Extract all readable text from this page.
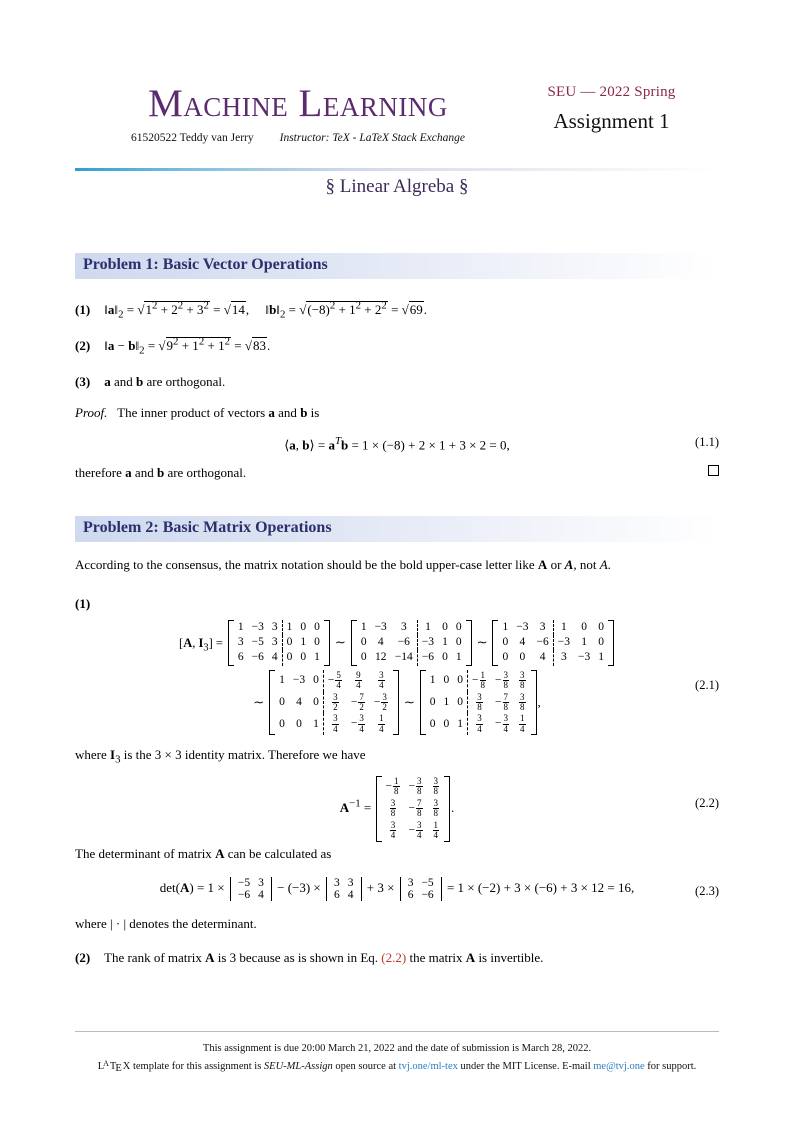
Machine Learning
61520522 Teddy van Jerry Instructor: TeX - LaTeX Stack Exchange
SEU — 2022 Spring
Assignment 1
§ Linear Algreba §
Problem 1: Basic Vector Operations
(1) $‖a‖_2 = √1^2 + 2^2 + 3^2 = √14$,     $‖b‖_2 = √(-8)^2 + 1^2 + 2^2 = √69$.
(2) ‖a − $b‖_2 = √9^2 + 1^2 + 1^2 = √83$.
(3) a and b are orthogonal.
Proof.   The inner product of vectors a and b is
⟨a, b⟩ = $a^Tb = 1 \times (-8) + 2 \times 1 + 3 \times 2 = 0$,	(1.1)
therefore a and b are orthogonal.
Problem 2: Basic Matrix Operations
According to the consensus, the matrix notation should be the bold upper-case letter like A or A, not A.
(1)
[A, $I_3$] =
1	−3	3	1	0	0
3	−5	3	0	1	0
6	−6	4	0	0	1
∼
1	−3	3	1	0	0
0	4	−6	−3	1	0
0	12	−14	−6	0	1
∼
1	−3	3	1	0	0
0	4	−6	−3	1	0
0	0	4	3	−3	1
∼
1	−3	0	− $\frac{5}{4}$	$\frac{9}{4}$	$\frac{3}{4}$

0	4	0	$\frac{3}{2}$	− $\frac{7}{2}$	− $\frac{3}{2}$

0	0	1	$\frac{3}{4}$	− $\frac{3}{4}$	$\frac{1}{4}$
∼
1	0	0	− $\frac{1}{8}$	− $\frac{3}{8}$	$\frac{3}{8}$

0	1	0	$\frac{3}{8}$	− $\frac{7}{8}$	$\frac{3}{8}$

0	0	1	$\frac{3}{4}$	− $\frac{3}{4}$	$\frac{1}{4}$
,
(2.1)
where $I_3$ is the 3 × 3 identity matrix. Therefore we have
$A^{-1}$ =
− $\frac{1}{8}$	− $\frac{3}{8}$	$\frac{3}{8}$

$\frac{3}{8}$	− $\frac{7}{8}$	$\frac{3}{8}$

$\frac{3}{4}$	− $\frac{3}{4}$	$\frac{1}{4}$
.	(2.2)
The determinant of matrix A can be calculated as
det(A) = 1 × −5	3
−6	4
− (−3) × 3	3
6	4
+ 3 × 3	−5
6	−6
= 1 × (−2) + 3 × (−6) + 3 × 12 = 16,	(2.3)
where | · | denotes the determinant.
(2) The rank of matrix A is 3 because as is shown in Eq. (2.2) the matrix A is invertible.
This assignment is due 20:00 March 21, 2022 and the date of submission is March 28, 2022.
$L^ATEX$ template for this assignment is SEU-ML-Assign open source at tvj.one/ml-tex under the MIT License. E-mail me@tvj.one for support.
